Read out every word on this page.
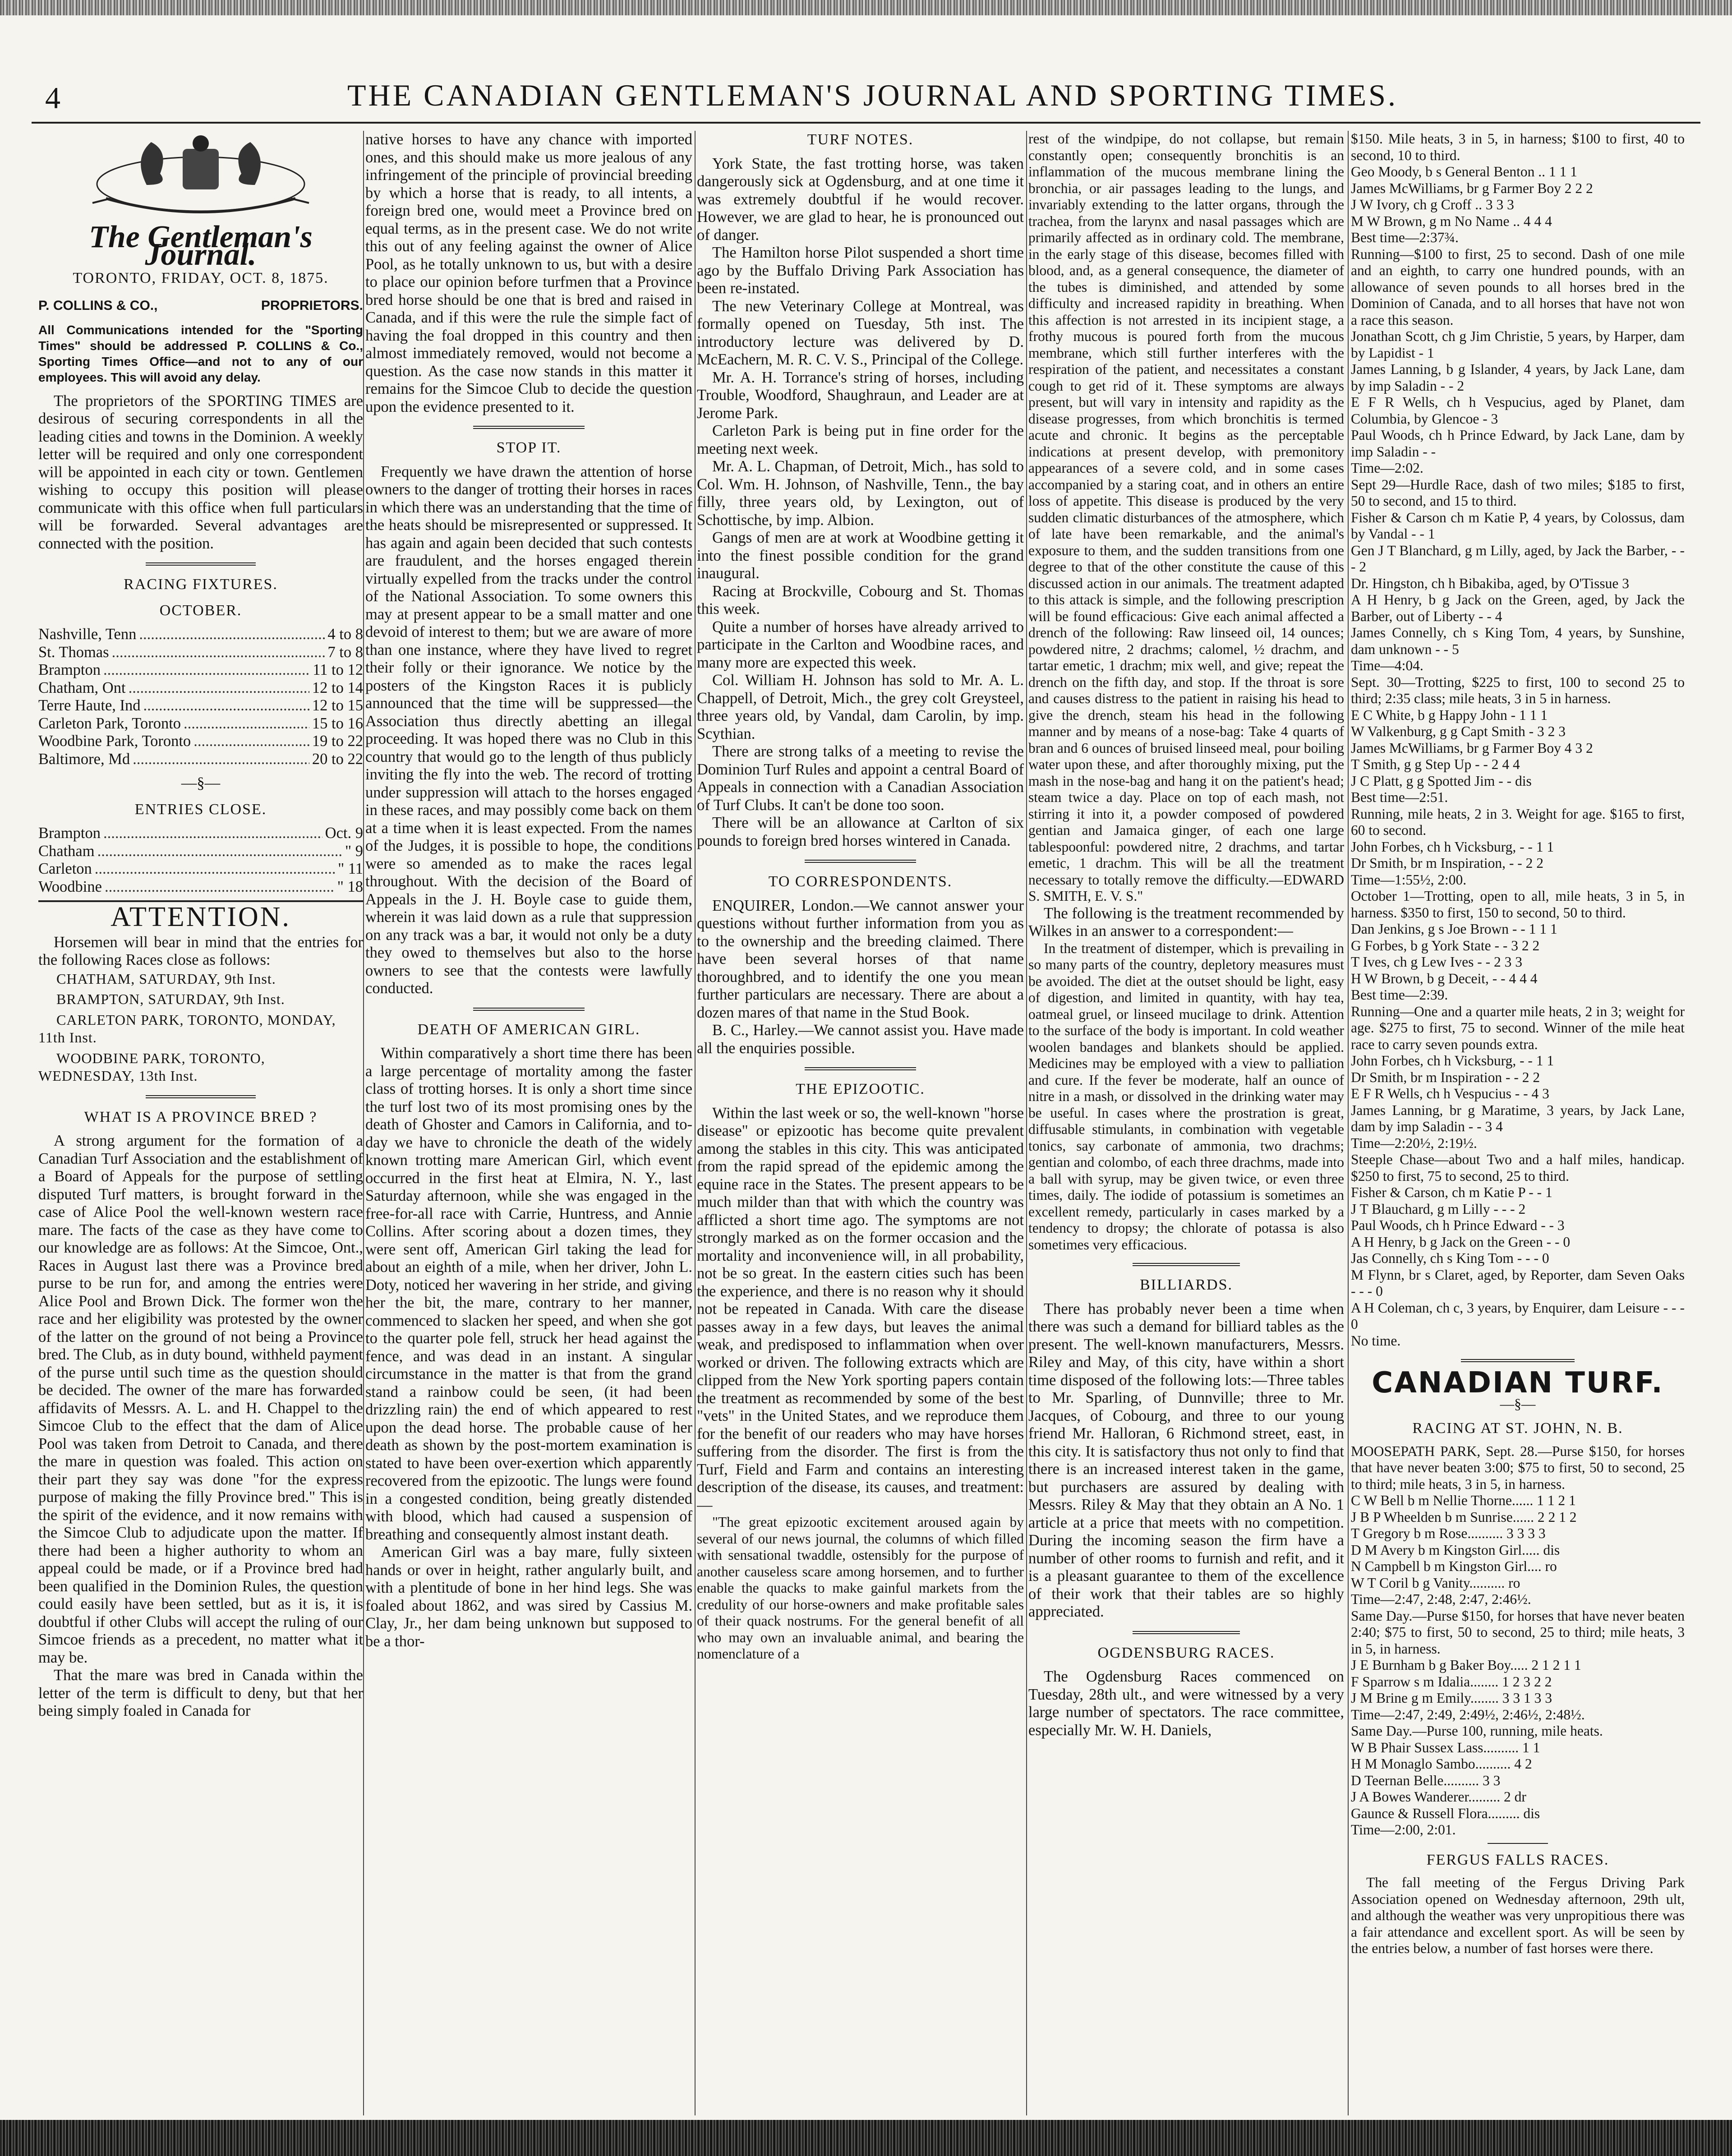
4	THE CANADIAN GENTLEMAN'S JOURNAL AND SPORTING TIMES.
The Gentleman's Journal.
TORONTO, FRIDAY, OCT. 8, 1875.
P. COLLINS & CO.,	PROPRIETORS.

All Communications intended for the "Sporting Times" should be addressed P. COLLINS & Co., Sporting Times Office—and not to any of our employees. This will avoid any delay.

The proprietors of the SPORTING TIMES are desirous of securing correspondents in all the leading cities and towns in the Dominion. A weekly letter will be required and only one correspondent will be appointed in each city or town. Gentlemen wishing to occupy this position will please communicate with this office when full particulars will be forwarded. Several advantages are connected with the position.

RACING FIXTURES.
OCTOBER.
Nashville, Tenn .....	4 to 8
St. Thomas .....	7 to 8
Brampton .....	11 to 12
Chatham, Ont .....	12 to 14
Terre Haute, Ind .....	12 to 15
Carleton Park, Toronto .....	15 to 16
Woodbine Park, Toronto .....	19 to 22
Baltimore, Md .....	20 to 22
—§—
ENTRIES CLOSE.
Brampton .....	Oct. 9
Chatham .....	" 9
Carleton .....	" 11
Woodbine .....	" 18
ATTENTION.

Horsemen will bear in mind that the entries for the following Races close as follows:

CHATHAM, SATURDAY, 9th Inst.

BRAMPTON, SATURDAY, 9th Inst.

CARLETON PARK, TORONTO, MONDAY, 11th Inst.

WOODBINE PARK, TORONTO, WEDNESDAY, 13th Inst.

WHAT IS A PROVINCE BRED ?

A strong argument for the formation of a Canadian Turf Association and the establishment of a Board of Appeals for the purpose of settling disputed Turf matters, is brought forward in the case of Alice Pool the well-known western race mare. The facts of the case as they have come to our knowledge are as follows: At the Simcoe, Ont., Races in August last there was a Province bred purse to be run for, and among the entries were Alice Pool and Brown Dick. The former won the race and her eligibility was protested by the owner of the latter on the ground of not being a Province bred. The Club, as in duty bound, withheld payment of the purse until such time as the question should be decided. The owner of the mare has forwarded affidavits of Messrs. A. L. and H. Chappel to the Simcoe Club to the effect that the dam of Alice Pool was taken from Detroit to Canada, and there the mare in question was foaled. This action on their part they say was done "for the express purpose of making the filly Province bred." This is the spirit of the evidence, and it now remains with the Simcoe Club to adjudicate upon the matter. If there had been a higher authority to whom an appeal could be made, or if a Province bred had been qualified in the Dominion Rules, the question could easily have been settled, but as it is, it is doubtful if other Clubs will accept the ruling of our Simcoe friends as a precedent, no matter what it may be.

That the mare was bred in Canada within the letter of the term is difficult to deny, but that her being simply foaled in Canada for

native horses to have any chance with imported ones, and this should make us more jealous of any infringement of the principle of provincial breeding by which a horse that is ready, to all intents, a foreign bred one, would meet a Province bred on equal terms, as in the present case. We do not write this out of any feeling against the owner of Alice Pool, as he totally unknown to us, but with a desire to place our opinion before turfmen that a Province bred horse should be one that is bred and raised in Canada, and if this were the rule the simple fact of having the foal dropped in this country and then almost immediately removed, would not become a question. As the case now stands in this matter it remains for the Simcoe Club to decide the question upon the evidence presented to it.

STOP IT.

Frequently we have drawn the attention of horse owners to the danger of trotting their horses in races in which there was an understanding that the time of the heats should be misrepresented or suppressed. It has again and again been decided that such contests are fraudulent, and the horses engaged therein virtually expelled from the tracks under the control of the National Association. To some owners this may at present appear to be a small matter and one devoid of interest to them; but we are aware of more than one instance, where they have lived to regret their folly or their ignorance. We notice by the posters of the Kingston Races it is publicly announced that the time will be suppressed—the Association thus directly abetting an illegal proceeding. It was hoped there was no Club in this country that would go to the length of thus publicly inviting the fly into the web. The record of trotting under suppression will attach to the horses engaged in these races, and may possibly come back on them at a time when it is least expected. From the names of the Judges, it is possible to hope, the conditions were so amended as to make the races legal throughout. With the decision of the Board of Appeals in the J. H. Boyle case to guide them, wherein it was laid down as a rule that suppression on any track was a bar, it would not only be a duty they owed to themselves but also to the horse owners to see that the contests were lawfully conducted.

DEATH OF AMERICAN GIRL.

Within comparatively a short time there has been a large percentage of mortality among the faster class of trotting horses. It is only a short time since the turf lost two of its most promising ones by the death of Ghoster and Camors in California, and to-day we have to chronicle the death of the widely known trotting mare American Girl, which event occurred in the first heat at Elmira, N. Y., last Saturday afternoon, while she was engaged in the free-for-all race with Carrie, Huntress, and Annie Collins. After scoring about a dozen times, they were sent off, American Girl taking the lead for about an eighth of a mile, when her driver, John L. Doty, noticed her wavering in her stride, and giving her the bit, the mare, contrary to her manner, commenced to slacken her speed, and when she got to the quarter pole fell, struck her head against the fence, and was dead in an instant. A singular circumstance in the matter is that from the grand stand a rainbow could be seen, (it had been drizzling rain) the end of which appeared to rest upon the dead horse. The probable cause of her death as shown by the post-mortem examination is stated to have been over-exertion which apparently recovered from the epizootic. The lungs were found in a congested condition, being greatly distended with blood, which had caused a suspension of breathing and consequently almost instant death.

American Girl was a bay mare, fully sixteen hands or over in height, rather angularly built, and with a plentitude of bone in her hind legs. She was foaled about 1862, and was sired by Cassius M. Clay, Jr., her dam being unknown but supposed to be a thor-

TURF NOTES.

York State, the fast trotting horse, was taken dangerously sick at Ogdensburg, and at one time it was extremely doubtful if he would recover. However, we are glad to hear, he is pronounced out of danger.

The Hamilton horse Pilot suspended a short time ago by the Buffalo Driving Park Association has been re-instated.

The new Veterinary College at Montreal, was formally opened on Tuesday, 5th inst. The introductory lecture was delivered by D. McEachern, M. R. C. V. S., Principal of the College.

Mr. A. H. Torrance's string of horses, including Trouble, Woodford, Shaughraun, and Leader are at Jerome Park.

Carleton Park is being put in fine order for the meeting next week.

Mr. A. L. Chapman, of Detroit, Mich., has sold to Col. Wm. H. Johnson, of Nashville, Tenn., the bay filly, three years old, by Lexington, out of Schottische, by imp. Albion.

Gangs of men are at work at Woodbine getting it into the finest possible condition for the grand inaugural.

Racing at Brockville, Cobourg and St. Thomas this week.

Quite a number of horses have already arrived to participate in the Carlton and Woodbine races, and many more are expected this week.

Col. William H. Johnson has sold to Mr. A. L. Chappell, of Detroit, Mich., the grey colt Greysteel, three years old, by Vandal, dam Carolin, by imp. Scythian.

There are strong talks of a meeting to revise the Dominion Turf Rules and appoint a central Board of Appeals in connection with a Canadian Association of Turf Clubs. It can't be done too soon.

There will be an allowance at Carlton of six pounds to foreign bred horses wintered in Canada.

TO CORRESPONDENTS.

ENQUIRER, London.—We cannot answer your questions without further information from you as to the ownership and the breeding claimed. There have been several horses of that name thoroughbred, and to identify the one you mean further particulars are necessary. There are about a dozen mares of that name in the Stud Book.

B. C., Harley.—We cannot assist you. Have made all the enquiries possible.

THE EPIZOOTIC.

Within the last week or so, the well-known "horse disease" or epizootic has become quite prevalent among the stables in this city. This was anticipated from the rapid spread of the epidemic among the equine race in the States. The present appears to be much milder than that with which the country was afflicted a short time ago. The symptoms are not strongly marked as on the former occasion and the mortality and inconvenience will, in all probability, not be so great. In the eastern cities such has been the experience, and there is no reason why it should not be repeated in Canada. With care the disease passes away in a few days, but leaves the animal weak, and predisposed to inflammation when over worked or driven. The following extracts which are clipped from the New York sporting papers contain the treatment as recommended by some of the best "vets" in the United States, and we reproduce them for the benefit of our readers who may have horses suffering from the disorder. The first is from the Turf, Field and Farm and contains an interesting description of the disease, its causes, and treatment:—

"The great epizootic excitement aroused again by several of our news journal, the columns of which filled with sensational twaddle, ostensibly for the purpose of another causeless scare among horsemen, and to further enable the quacks to make gainful markets from the credulity of our horse-owners and make profitable sales of their quack nostrums. For the general benefit of all who may own an invaluable animal, and bearing the nomenclature of a

rest of the windpipe, do not collapse, but remain constantly open; consequently bronchitis is an inflammation of the mucous membrane lining the bronchia, or air passages leading to the lungs, and invariably extending to the latter organs, through the trachea, from the larynx and nasal passages which are primarily affected as in ordinary cold. The membrane, in the early stage of this disease, becomes filled with blood, and, as a general consequence, the diameter of the tubes is diminished, and attended by some difficulty and increased rapidity in breathing. When this affection is not arrested in its incipient stage, a frothy mucous is poured forth from the mucous membrane, which still further interferes with the respiration of the patient, and necessitates a constant cough to get rid of it. These symptoms are always present, but will vary in intensity and rapidity as the disease progresses, from which bronchitis is termed acute and chronic. It begins as the perceptable indications at present develop, with premonitory appearances of a severe cold, and in some cases accompanied by a staring coat, and in others an entire loss of appetite. This disease is produced by the very sudden climatic disturbances of the atmosphere, which of late have been remarkable, and the animal's exposure to them, and the sudden transitions from one degree to that of the other constitute the cause of this discussed action in our animals. The treatment adapted to this attack is simple, and the following prescription will be found efficacious: Give each animal affected a drench of the following: Raw linseed oil, 14 ounces; powdered nitre, 2 drachms; calomel, ½ drachm, and tartar emetic, 1 drachm; mix well, and give; repeat the drench on the fifth day, and stop. If the throat is sore and causes distress to the patient in raising his head to give the drench, steam his head in the following manner and by means of a nose-bag: Take 4 quarts of bran and 6 ounces of bruised linseed meal, pour boiling water upon these, and after thoroughly mixing, put the mash in the nose-bag and hang it on the patient's head; steam twice a day. Place on top of each mash, not stirring it into it, a powder composed of powdered gentian and Jamaica ginger, of each one large tablespoonful: powdered nitre, 2 drachms, and tartar emetic, 1 drachm. This will be all the treatment necessary to totally remove the difficulty.—EDWARD S. SMITH, E. V. S."

The following is the treatment recommended by Wilkes in an answer to a correspondent:—

In the treatment of distemper, which is prevailing in so many parts of the country, depletory measures must be avoided. The diet at the outset should be light, easy of digestion, and limited in quantity, with hay tea, oatmeal gruel, or linseed mucilage to drink. Attention to the surface of the body is important. In cold weather woolen bandages and blankets should be applied. Medicines may be employed with a view to palliation and cure. If the fever be moderate, half an ounce of nitre in a mash, or dissolved in the drinking water may be useful. In cases where the prostration is great, diffusable stimulants, in combination with vegetable tonics, say carbonate of ammonia, two drachms; gentian and colombo, of each three drachms, made into a ball with syrup, may be given twice, or even three times, daily. The iodide of potassium is sometimes an excellent remedy, particularly in cases marked by a tendency to dropsy; the chlorate of potassa is also sometimes very efficacious.

BILLIARDS.

There has probably never been a time when there was such a demand for billiard tables as the present. The well-known manufacturers, Messrs. Riley and May, of this city, have within a short time disposed of the following lots:—Three tables to Mr. Sparling, of Dunnville; three to Mr. Jacques, of Cobourg, and three to our young friend Mr. Halloran, 6 Richmond street, east, in this city. It is satisfactory thus not only to find that there is an increased interest taken in the game, but purchasers are assured by dealing with Messrs. Riley & May that they obtain an A No. 1 article at a price that meets with no competition. During the incoming season the firm have a number of other rooms to furnish and refit, and it is a pleasant guarantee to them of the excellence of their work that their tables are so highly appreciated.

OGDENSBURG RACES.

The Ogdensburg Races commenced on Tuesday, 28th ult., and were witnessed by a very large number of spectators. The race committee, especially Mr. W. H. Daniels,

$150. Mile heats, 3 in 5, in harness; $100 to first, 40 to second, 10 to third.

Geo Moody, b s General Benton .. 1 1 1

James McWilliams, br g Farmer Boy 2 2 2

J W Ivory, ch g Croff .. 3 3 3

M W Brown, g m No Name .. 4 4 4

Best time—2:37¾.

Running—$100 to first, 25 to second. Dash of one mile and an eighth, to carry one hundred pounds, with an allowance of seven pounds to all horses bred in the Dominion of Canada, and to all horses that have not won a race this season.

Jonathan Scott, ch g Jim Christie, 5 years, by Harper, dam by Lapidist - 1

James Lanning, b g Islander, 4 years, by Jack Lane, dam by imp Saladin - - 2

E F R Wells, ch h Vespucius, aged by Planet, dam Columbia, by Glencoe - 3

Paul Woods, ch h Prince Edward, by Jack Lane, dam by imp Saladin - -

Time—2:02.

Sept 29—Hurdle Race, dash of two miles; $185 to first, 50 to second, and 15 to third.

Fisher & Carson ch m Katie P, 4 years, by Colossus, dam by Vandal - - 1

Gen J T Blanchard, g m Lilly, aged, by Jack the Barber, - - - 2

Dr. Hingston, ch h Bibakiba, aged, by O'Tissue 3

A H Henry, b g Jack on the Green, aged, by Jack the Barber, out of Liberty - - 4

James Connelly, ch s King Tom, 4 years, by Sunshine, dam unknown - - 5

Time—4:04.

Sept. 30—Trotting, $225 to first, 100 to second 25 to third; 2:35 class; mile heats, 3 in 5 in harness.

E C White, b g Happy John - 1 1 1

W Valkenburg, g g Capt Smith - 3 2 3

James McWilliams, br g Farmer Boy 4 3 2

T Smith, g g Step Up - - 2 4 4

J C Platt, g g Spotted Jim - - dis

Best time—2:51.

Running, mile heats, 2 in 3. Weight for age. $165 to first, 60 to second.

John Forbes, ch h Vicksburg, - - 1 1

Dr Smith, br m Inspiration, - - 2 2

Time—1:55½, 2:00.

October 1—Trotting, open to all, mile heats, 3 in 5, in harness. $350 to first, 150 to second, 50 to third.

Dan Jenkins, g s Joe Brown - - 1 1 1

G Forbes, b g York State - - 3 2 2

T Ives, ch g Lew Ives - - 2 3 3

H W Brown, b g Deceit, - - 4 4 4

Best time—2:39.

Running—One and a quarter mile heats, 2 in 3; weight for age. $275 to first, 75 to second. Winner of the mile heat race to carry seven pounds extra.

John Forbes, ch h Vicksburg, - - 1 1

Dr Smith, br m Inspiration - - 2 2

E F R Wells, ch h Vespucius - - 4 3

James Lanning, br g Maratime, 3 years, by Jack Lane, dam by imp Saladin - - 3 4

Time—2:20½, 2:19½.

Steeple Chase—about Two and a half miles, handicap. $250 to first, 75 to second, 25 to third.

Fisher & Carson, ch m Katie P - - 1

J T Blauchard, g m Lilly - - - 2

Paul Woods, ch h Prince Edward - - 3

A H Henry, b g Jack on the Green - - 0

Jas Connelly, ch s King Tom - - - 0

M Flynn, br s Claret, aged, by Reporter, dam Seven Oaks - - - 0

A H Coleman, ch c, 3 years, by Enquirer, dam Leisure - - - 0

No time.

CANADIAN TURF.
—§—
RACING AT ST. JOHN, N. B.

MOOSEPATH PARK, Sept. 28.—Purse $150, for horses that have never beaten 3:00; $75 to first, 50 to second, 25 to third; mile heats, 3 in 5, in harness.

C W Bell b m Nellie Thorne...... 1 1 2 1

J B P Wheelden b m Sunrise...... 2 2 1 2

T Gregory b m Rose.......... 3 3 3 3

D M Avery b m Kingston Girl..... dis

N Campbell b m Kingston Girl.... ro

W T Coril b g Vanity.......... ro

Time—2:47, 2:48, 2:47, 2:46½.

Same Day.—Purse $150, for horses that have never beaten 2:40; $75 to first, 50 to second, 25 to third; mile heats, 3 in 5, in harness.

J E Burnham b g Baker Boy..... 2 1 2 1 1

F Sparrow s m Idalia........ 1 2 3 2 2

J M Brine g m Emily........ 3 3 1 3 3

Time—2:47, 2:49, 2:49½, 2:46½, 2:48½.

Same Day.—Purse 100, running, mile heats.

W B Phair Sussex Lass.......... 1 1

H M Monaglo Sambo.......... 4 2

D Teernan Belle.......... 3 3

J A Bowes Wanderer......... 2 dr

Gaunce & Russell Flora......... dis

Time—2:00, 2:01.

FERGUS FALLS RACES.

The fall meeting of the Fergus Driving Park Association opened on Wednesday afternoon, 29th ult, and although the weather was very unpropitious there was a fair attendance and excellent sport. As will be seen by the entries below, a number of fast horses were there.
